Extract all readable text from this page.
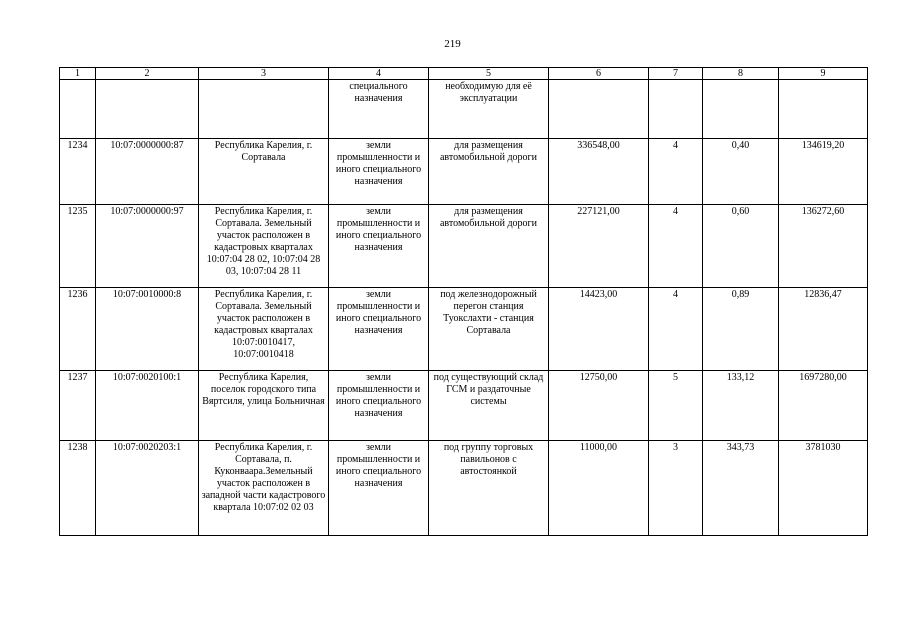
219
1	2	3	4	5	6	7	8	9
			специального назначения	необходимую для её эксплуатации				
1234	10:07:0000000:87	Республика Карелия, г. Сортавала	земли промышленности и иного специального назначения	для размещения автомобильной дороги	336548,00	4	0,40	134619,20
1235	10:07:0000000:97	Республика Карелия, г. Сортавала. Земельный участок расположен в кадастровых кварталах 10:07:04 28 02, 10:07:04 28 03, 10:07:04 28 11	земли промышленности и иного специального назначения	для размещения автомобильной дороги	227121,00	4	0,60	136272,60
1236	10:07:0010000:8	Республика Карелия, г. Сортавала. Земельный участок расположен в кадастровых кварталах 10:07:0010417, 10:07:0010418	земли промышленности и иного специального назначения	под железнодорожный перегон станция Туокслахти - станция Сортавала	14423,00	4	0,89	12836,47
1237	10:07:0020100:1	Республика Карелия, поселок городского типа Вяртсиля, улица Больничная	земли промышленности и иного специального назначения	под существующий склад ГСМ и раздаточные системы	12750,00	5	133,12	1697280,00
1238	10:07:0020203:1	Республика Карелия, г. Сортавала, п. Куконваара.Земельный участок расположен в западной части кадастрового квартала 10:07:02 02 03	земли промышленности и иного специального назначения	под группу торговых павильонов с автостоянкой	11000,00	3	343,73	3781030
